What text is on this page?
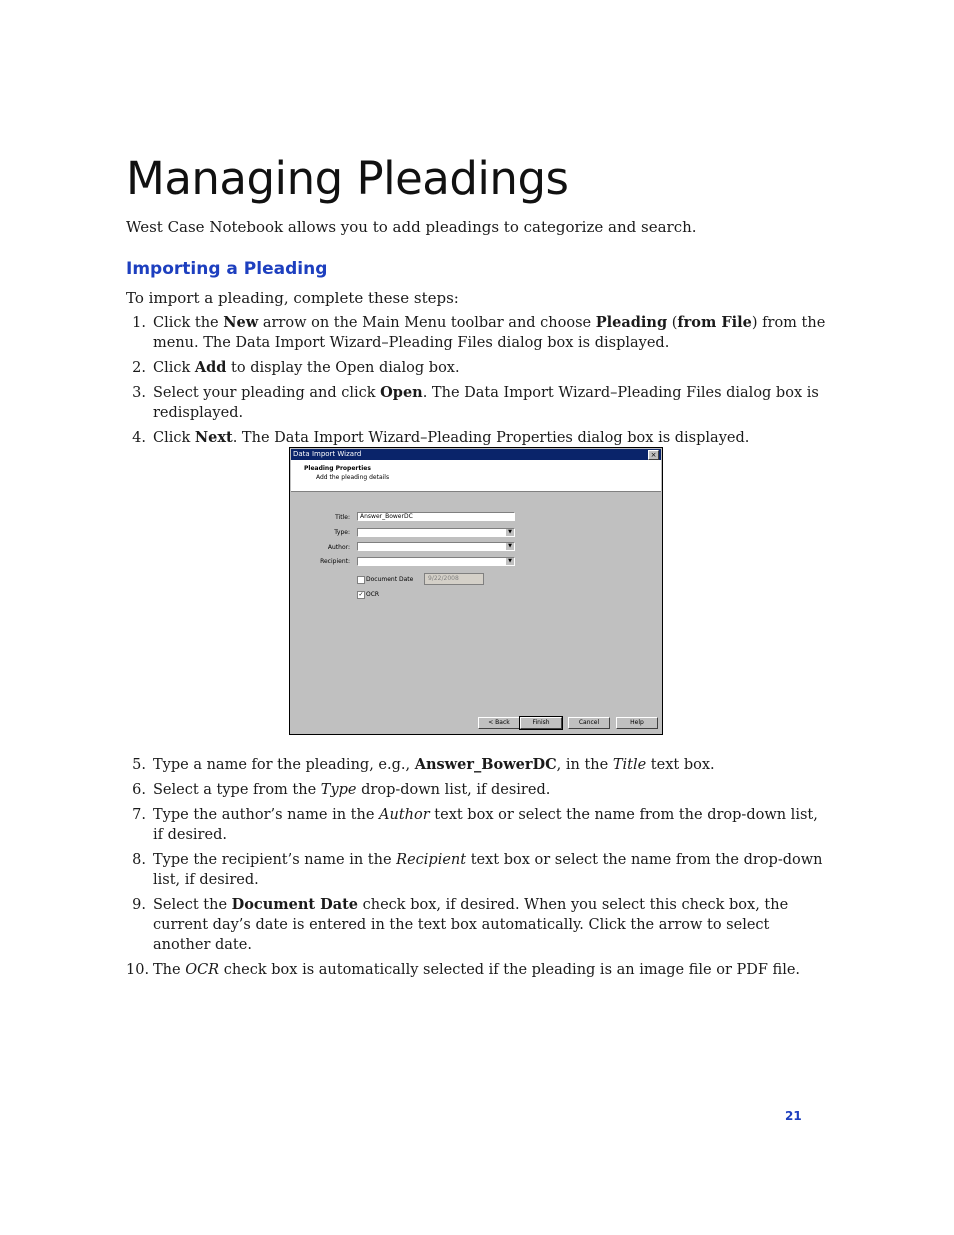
Managing Pleadings
West Case Notebook allows you to add pleadings to categorize and search.
Importing a Pleading
To import a pleading, complete these steps:
1. Click the New arrow on the Main Menu toolbar and choose Pleading (from File) from the menu. The Data Import Wizard–Pleading Files dialog box is displayed.
2. Click Add to display the Open dialog box.
3. Select your pleading and click Open. The Data Import Wizard–Pleading Files dialog box is redisplayed.
4. Click Next. The Data Import Wizard–Pleading Properties dialog box is displayed.
Data Import Wizard	×
Pleading Properties
Add the pleading details
Title:	Answer_BowerDC
Type:	▼
Author:	▼
Recipient:	▼
Document Date	9/22/2008
✓ OCR
< Back	Finish	Cancel	Help
5. Type a name for the pleading, e.g., Answer_BowerDC, in the Title text box.
6. Select a type from the Type drop-down list, if desired.
7. Type the author’s name in the Author text box or select the name from the drop-down list, if desired.
8. Type the recipient’s name in the Recipient text box or select the name from the drop-down list, if desired.
9. Select the Document Date check box, if desired. When you select this check box, the current day’s date is entered in the text box automatically. Click the arrow to select another date.
10. The OCR check box is automatically selected if the pleading is an image file or PDF file.
21
